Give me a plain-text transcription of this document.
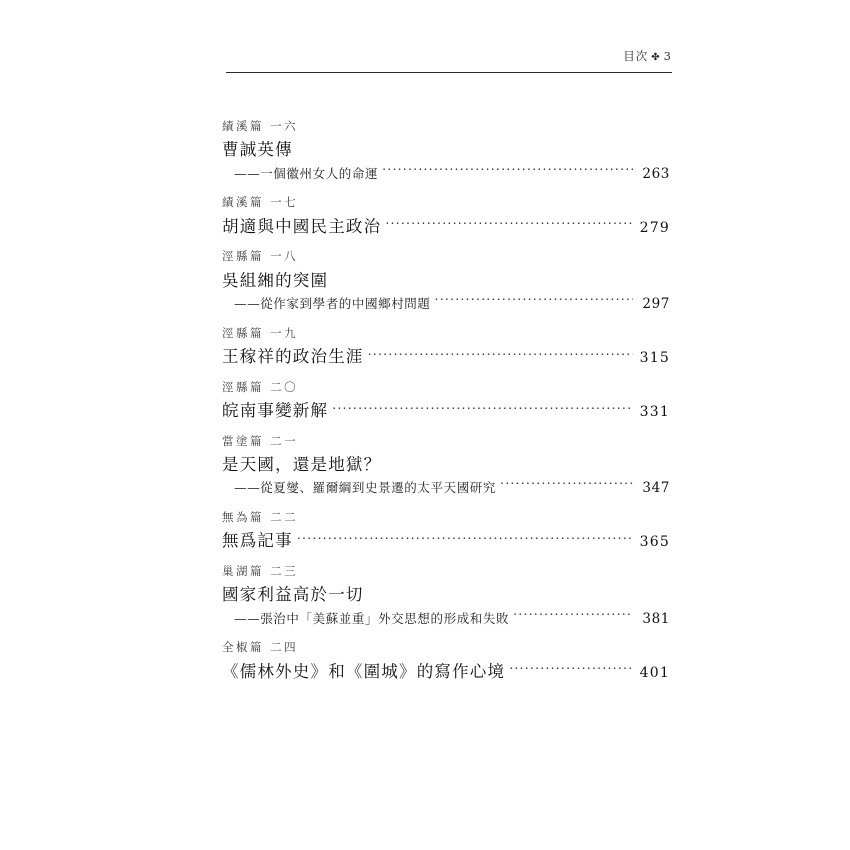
目次 ✤ 3
績溪篇 一六
曹誠英傳
——一個徽州女人的命運 .....	263
績溪篇 一七
胡適與中國民主政治 .....	279
涇縣篇 一八
吳組緗的突圍
——從作家到學者的中國鄉村問題 .....	297
涇縣篇 一九
王稼祥的政治生涯 .....	315
涇縣篇 二〇
皖南事變新解 .....	331
當塗篇 二一
是天國，還是地獄？
——從夏燮、羅爾綱到史景遷的太平天國研究 .....	347
無為篇 二二
無爲記事 .....	365
巢湖篇 二三
國家利益高於一切
——張治中「美蘇並重」外交思想的形成和失敗 .....	381
全椒篇 二四
《儒林外史》和《圍城》的寫作心境 .....	401
